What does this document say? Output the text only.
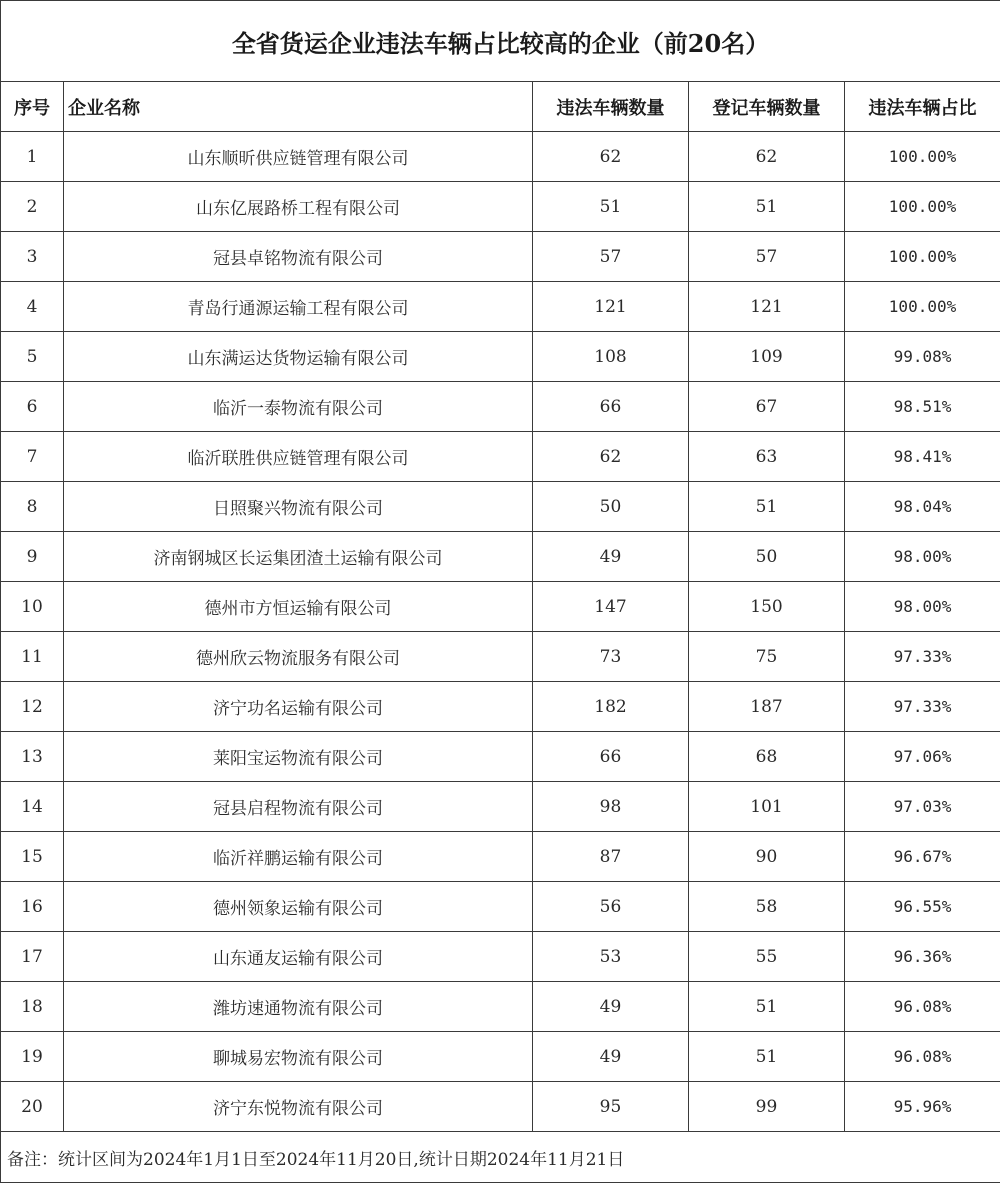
全省货运企业违法车辆占比较高的企业（前20名）				
序号	企业名称	违法车辆数量	登记车辆数量	违法车辆占比
1	山东顺昕供应链管理有限公司	62	62	100.00%
2	山东亿展路桥工程有限公司	51	51	100.00%
3	冠县卓铭物流有限公司	57	57	100.00%
4	青岛行通源运输工程有限公司	121	121	100.00%
5	山东满运达货物运输有限公司	108	109	99.08%
6	临沂一泰物流有限公司	66	67	98.51%
7	临沂联胜供应链管理有限公司	62	63	98.41%
8	日照聚兴物流有限公司	50	51	98.04%
9	济南钢城区长运集团渣土运输有限公司	49	50	98.00%
10	德州市方恒运输有限公司	147	150	98.00%
11	德州欣云物流服务有限公司	73	75	97.33%
12	济宁功名运输有限公司	182	187	97.33%
13	莱阳宝运物流有限公司	66	68	97.06%
14	冠县启程物流有限公司	98	101	97.03%
15	临沂祥鹏运输有限公司	87	90	96.67%
16	德州领象运输有限公司	56	58	96.55%
17	山东通友运输有限公司	53	55	96.36%
18	潍坊速通物流有限公司	49	51	96.08%
19	聊城易宏物流有限公司	49	51	96.08%
20	济宁东悦物流有限公司	95	99	95.96%
备注：统计区间为2024年1月1日至2024年11月20日,统计日期2024年11月21日				
